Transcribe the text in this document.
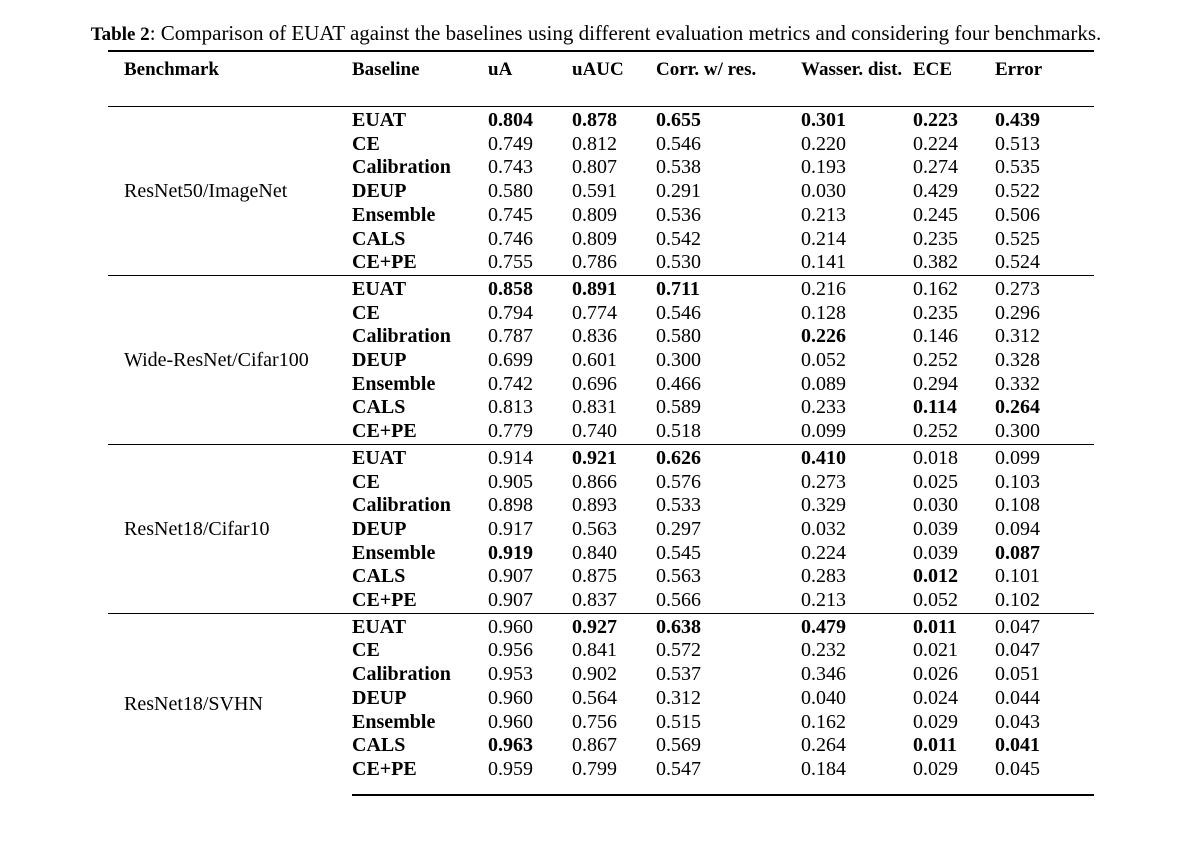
Table 2: Comparison of EUAT against the baselines using different evaluation metrics and considering four benchmarks.
Benchmark	Baseline	uA	uAUC	Corr. w/ res.	Wasser. dist.	ECE	Error

ResNet50/ImageNet	EUAT	0.804	0.878	0.655	0.301	0.223	0.439
	CE	0.749	0.812	0.546	0.220	0.224	0.513
	Calibration	0.743	0.807	0.538	0.193	0.274	0.535
	DEUP	0.580	0.591	0.291	0.030	0.429	0.522
	Ensemble	0.745	0.809	0.536	0.213	0.245	0.506
	CALS	0.746	0.809	0.542	0.214	0.235	0.525
	CE+PE	0.755	0.786	0.530	0.141	0.382	0.524
Wide-ResNet/Cifar100	EUAT	0.858	0.891	0.711	0.216	0.162	0.273
	CE	0.794	0.774	0.546	0.128	0.235	0.296
	Calibration	0.787	0.836	0.580	0.226	0.146	0.312
	DEUP	0.699	0.601	0.300	0.052	0.252	0.328
	Ensemble	0.742	0.696	0.466	0.089	0.294	0.332
	CALS	0.813	0.831	0.589	0.233	0.114	0.264
	CE+PE	0.779	0.740	0.518	0.099	0.252	0.300
ResNet18/Cifar10	EUAT	0.914	0.921	0.626	0.410	0.018	0.099
	CE	0.905	0.866	0.576	0.273	0.025	0.103
	Calibration	0.898	0.893	0.533	0.329	0.030	0.108
	DEUP	0.917	0.563	0.297	0.032	0.039	0.094
	Ensemble	0.919	0.840	0.545	0.224	0.039	0.087
	CALS	0.907	0.875	0.563	0.283	0.012	0.101
	CE+PE	0.907	0.837	0.566	0.213	0.052	0.102
ResNet18/SVHN	EUAT	0.960	0.927	0.638	0.479	0.011	0.047
	CE	0.956	0.841	0.572	0.232	0.021	0.047
	Calibration	0.953	0.902	0.537	0.346	0.026	0.051
	DEUP	0.960	0.564	0.312	0.040	0.024	0.044
	Ensemble	0.960	0.756	0.515	0.162	0.029	0.043
	CALS	0.963	0.867	0.569	0.264	0.011	0.041
	CE+PE	0.959	0.799	0.547	0.184	0.029	0.045
